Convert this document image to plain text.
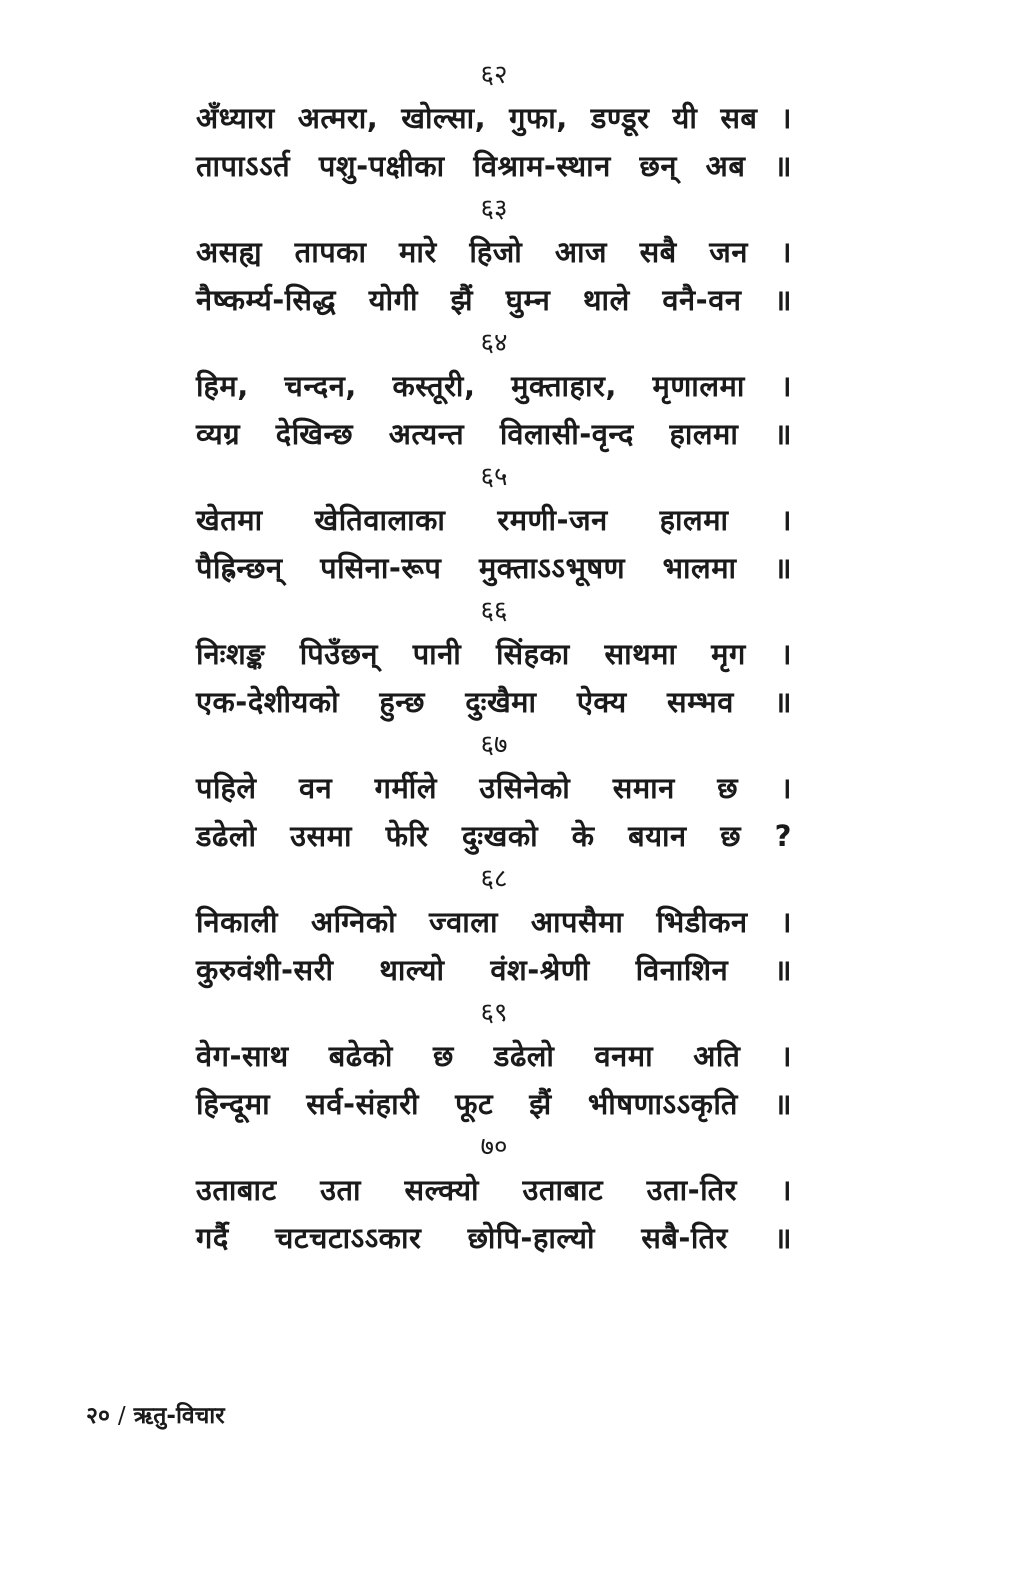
६२
अँध्यारा अत्मरा, खोल्सा, गुफा, डण्डूर यी सब ।
तापाऽऽर्त पशु-पक्षीका विश्राम-स्थान छन् अब ॥
६३
असह्य तापका मारे हिजो आज सबै जन ।
नैष्कर्म्य-सिद्ध योगी झैं घुम्न थाले वनै-वन ॥
६४
हिम, चन्दन, कस्तूरी, मुक्ताहार, मृणालमा ।
व्यग्र देखिन्छ अत्यन्त विलासी-वृन्द हालमा ॥
६५
खेतमा खेतिवालाका रमणी-जन हालमा ।
पैह्रिन्छन् पसिना-रूप मुक्ताऽऽभूषण भालमा ॥
६६
निःशङ्क पिउँछन् पानी सिंहका साथमा मृग ।
एक-देशीयको हुन्छ दुःखैमा ऐक्य सम्भव ॥
६७
पहिले वन गर्मीले उसिनेको समान छ ।
डढेलो उसमा फेरि दुःखको के बयान छ ?
६८
निकाली अग्निको ज्वाला आपसैमा भिडीकन ।
कुरुवंशी-सरी थाल्यो वंश-श्रेणी विनाशिन ॥
६९
वेग-साथ बढेको छ डढेलो वनमा अति ।
हिन्दूमा सर्व-संहारी फूट झैं भीषणाऽऽकृति ॥
७०
उताबाट उता सल्क्यो उताबाट उता-तिर ।
गर्दै चटचटाऽऽकार छोपि-हाल्यो सबै-तिर ॥
२० / ऋतु-विचार
